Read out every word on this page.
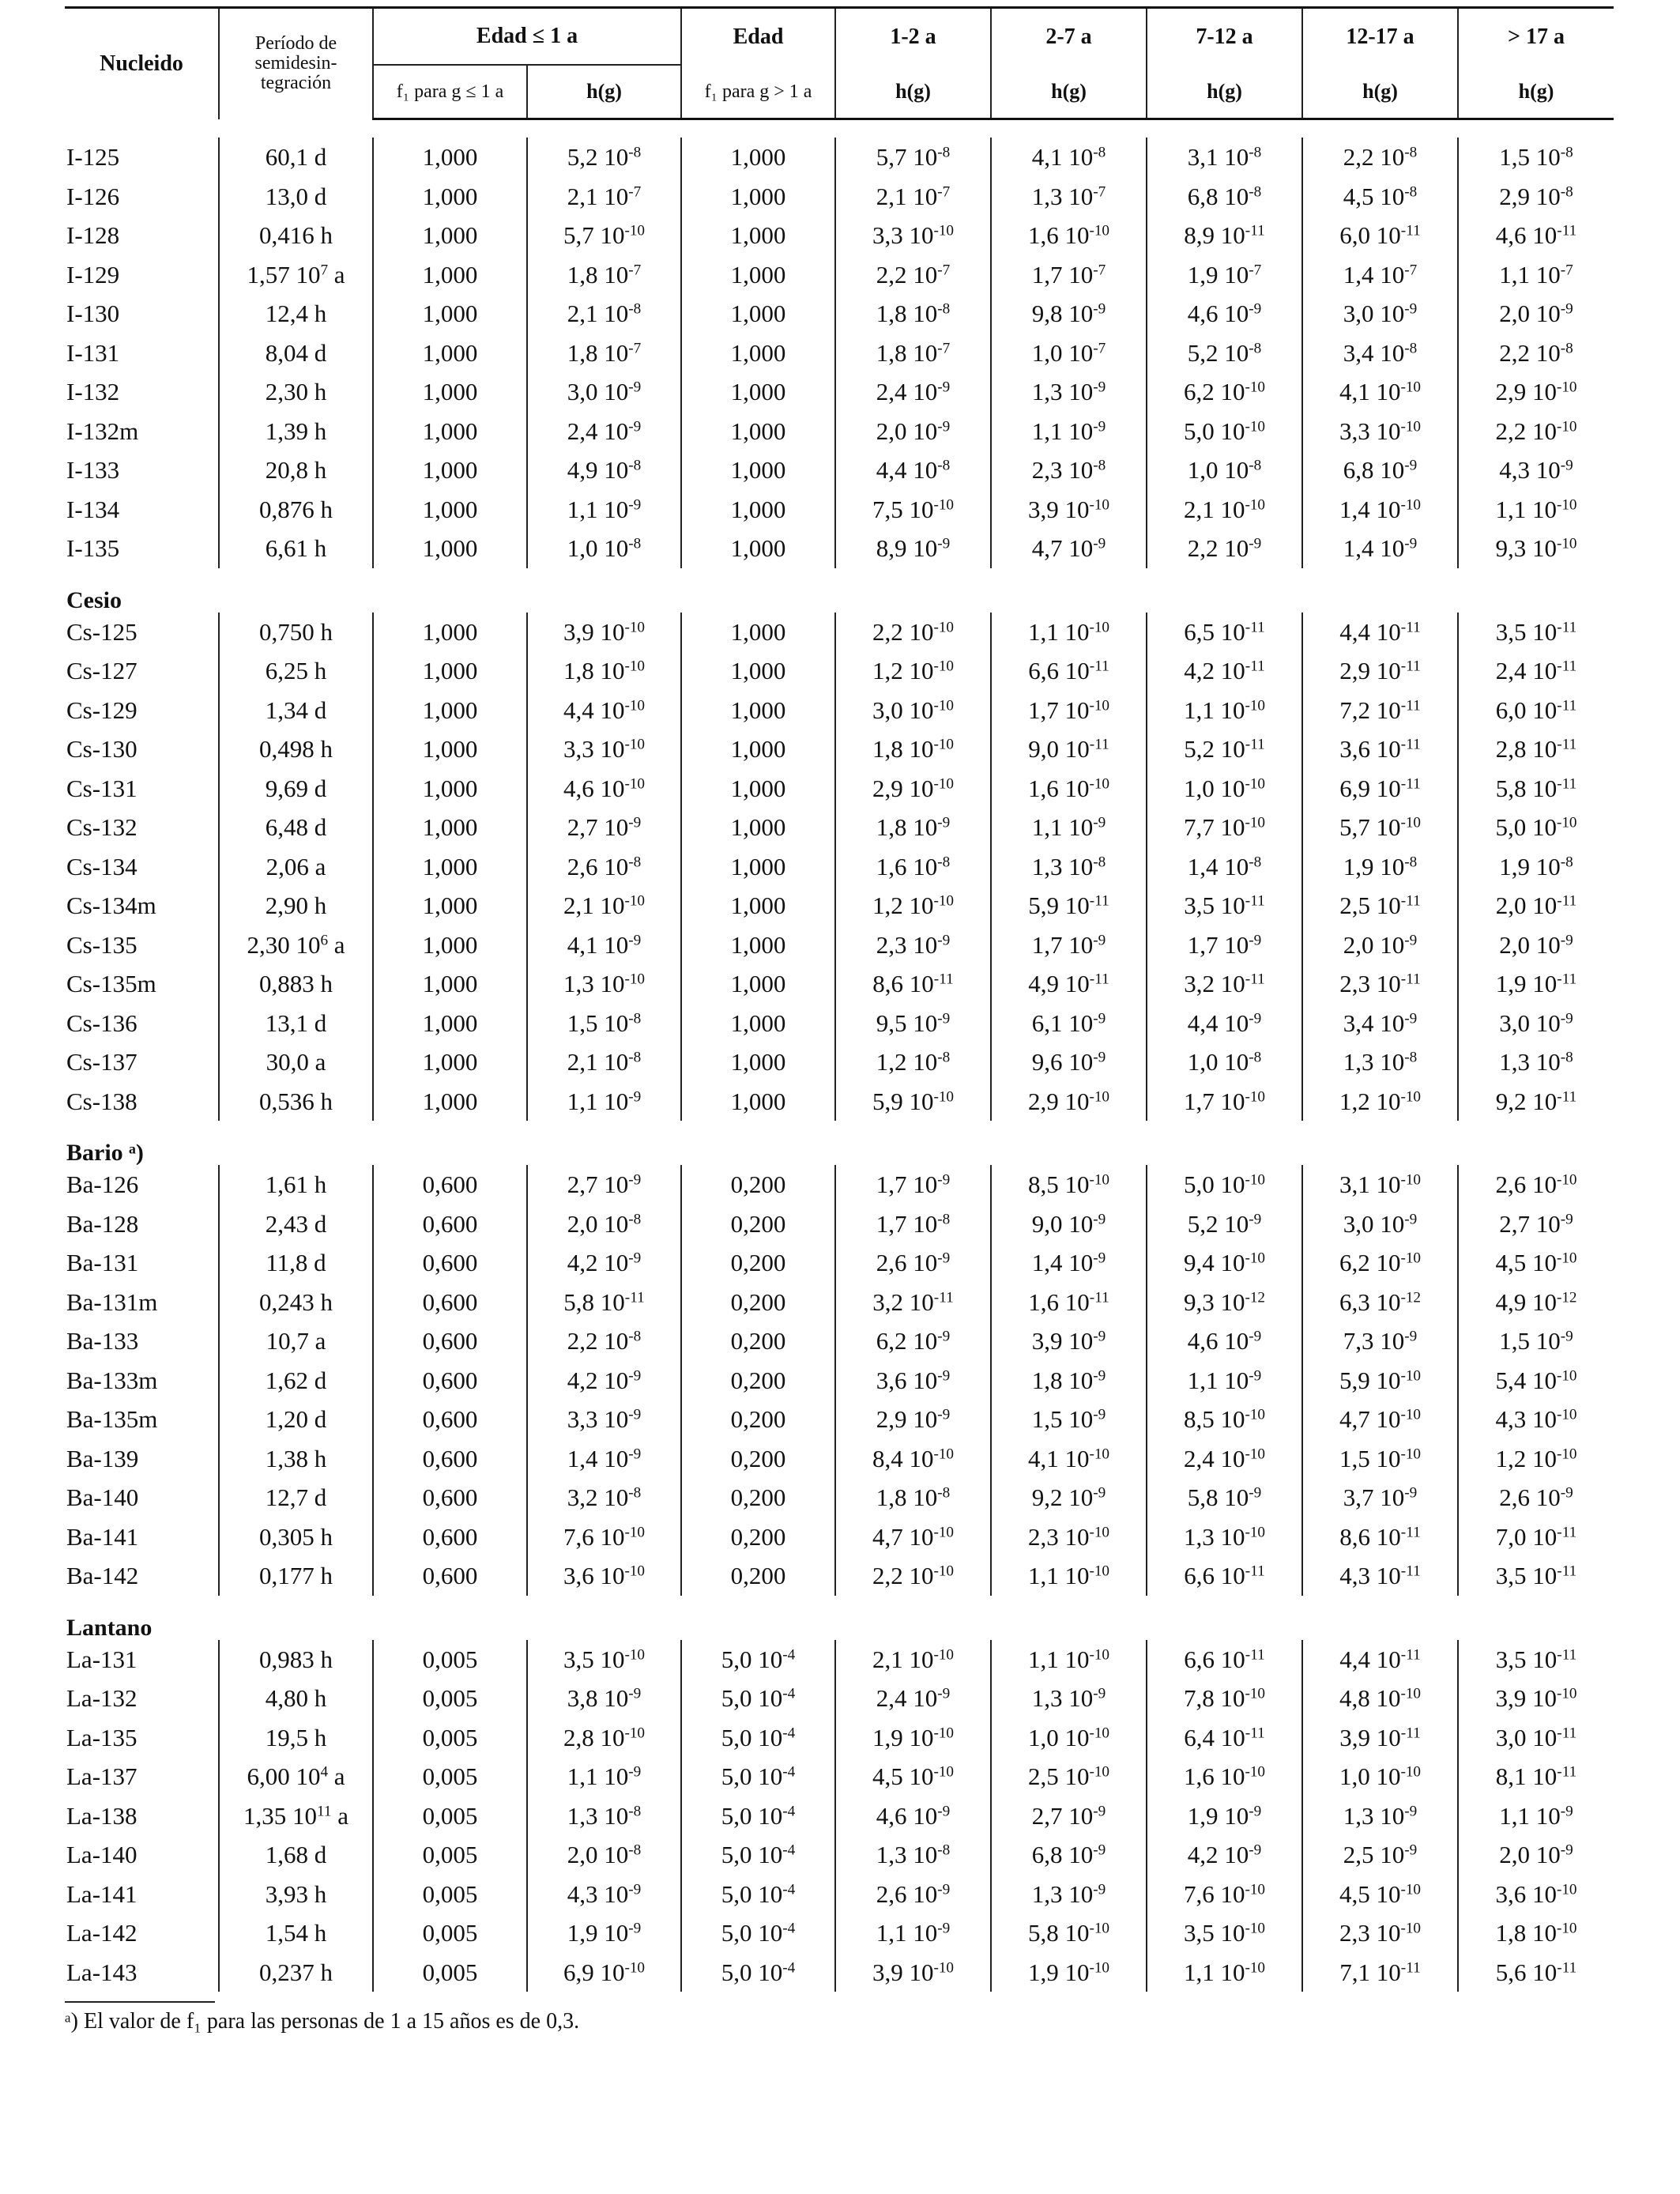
Nucleido	Período de
semidesin-
tegración	Edad ≤ 1 a		Edad	1-2 a	2-7 a	7-12 a	12-17 a	> 17 a
		f₁ para g ≤ 1 a	h(g)	f₁ para g > 1 a	h(g)	h(g)	h(g)	h(g)	h(g)

I-125	60,1 d	1,000	5,2 $10^{-8}$	1,000	5,7 $10^{-8}$	4,1 $10^{-8}$	3,1 $10^{-8}$	2,2 $10^{-8}$	1,5 $10^{-8}$
I-126	13,0 d	1,000	2,1 $10^{-7}$	1,000	2,1 $10^{-7}$	1,3 $10^{-7}$	6,8 $10^{-8}$	4,5 $10^{-8}$	2,9 $10^{-8}$
I-128	0,416 h	1,000	5,7 $10^{-10}$	1,000	3,3 $10^{-10}$	1,6 $10^{-10}$	8,9 $10^{-11}$	6,0 $10^{-11}$	4,6 $10^{-11}$
I-129	1,57 $10^7$ a	1,000	1,8 $10^{-7}$	1,000	2,2 $10^{-7}$	1,7 $10^{-7}$	1,9 $10^{-7}$	1,4 $10^{-7}$	1,1 $10^{-7}$
I-130	12,4 h	1,000	2,1 $10^{-8}$	1,000	1,8 $10^{-8}$	9,8 $10^{-9}$	4,6 $10^{-9}$	3,0 $10^{-9}$	2,0 $10^{-9}$
I-131	8,04 d	1,000	1,8 $10^{-7}$	1,000	1,8 $10^{-7}$	1,0 $10^{-7}$	5,2 $10^{-8}$	3,4 $10^{-8}$	2,2 $10^{-8}$
I-132	2,30 h	1,000	3,0 $10^{-9}$	1,000	2,4 $10^{-9}$	1,3 $10^{-9}$	6,2 $10^{-10}$	4,1 $10^{-10}$	2,9 $10^{-10}$
I-132m	1,39 h	1,000	2,4 $10^{-9}$	1,000	2,0 $10^{-9}$	1,1 $10^{-9}$	5,0 $10^{-10}$	3,3 $10^{-10}$	2,2 $10^{-10}$
I-133	20,8 h	1,000	4,9 $10^{-8}$	1,000	4,4 $10^{-8}$	2,3 $10^{-8}$	1,0 $10^{-8}$	6,8 $10^{-9}$	4,3 $10^{-9}$
I-134	0,876 h	1,000	1,1 $10^{-9}$	1,000	7,5 $10^{-10}$	3,9 $10^{-10}$	2,1 $10^{-10}$	1,4 $10^{-10}$	1,1 $10^{-10}$
I-135	6,61 h	1,000	1,0 $10^{-8}$	1,000	8,9 $10^{-9}$	4,7 $10^{-9}$	2,2 $10^{-9}$	1,4 $10^{-9}$	9,3 $10^{-10}$
Cesio									
Cs-125	0,750 h	1,000	3,9 $10^{-10}$	1,000	2,2 $10^{-10}$	1,1 $10^{-10}$	6,5 $10^{-11}$	4,4 $10^{-11}$	3,5 $10^{-11}$
Cs-127	6,25 h	1,000	1,8 $10^{-10}$	1,000	1,2 $10^{-10}$	6,6 $10^{-11}$	4,2 $10^{-11}$	2,9 $10^{-11}$	2,4 $10^{-11}$
Cs-129	1,34 d	1,000	4,4 $10^{-10}$	1,000	3,0 $10^{-10}$	1,7 $10^{-10}$	1,1 $10^{-10}$	7,2 $10^{-11}$	6,0 $10^{-11}$
Cs-130	0,498 h	1,000	3,3 $10^{-10}$	1,000	1,8 $10^{-10}$	9,0 $10^{-11}$	5,2 $10^{-11}$	3,6 $10^{-11}$	2,8 $10^{-11}$
Cs-131	9,69 d	1,000	4,6 $10^{-10}$	1,000	2,9 $10^{-10}$	1,6 $10^{-10}$	1,0 $10^{-10}$	6,9 $10^{-11}$	5,8 $10^{-11}$
Cs-132	6,48 d	1,000	2,7 $10^{-9}$	1,000	1,8 $10^{-9}$	1,1 $10^{-9}$	7,7 $10^{-10}$	5,7 $10^{-10}$	5,0 $10^{-10}$
Cs-134	2,06 a	1,000	2,6 $10^{-8}$	1,000	1,6 $10^{-8}$	1,3 $10^{-8}$	1,4 $10^{-8}$	1,9 $10^{-8}$	1,9 $10^{-8}$
Cs-134m	2,90 h	1,000	2,1 $10^{-10}$	1,000	1,2 $10^{-10}$	5,9 $10^{-11}$	3,5 $10^{-11}$	2,5 $10^{-11}$	2,0 $10^{-11}$
Cs-135	2,30 $10^6$ a	1,000	4,1 $10^{-9}$	1,000	2,3 $10^{-9}$	1,7 $10^{-9}$	1,7 $10^{-9}$	2,0 $10^{-9}$	2,0 $10^{-9}$
Cs-135m	0,883 h	1,000	1,3 $10^{-10}$	1,000	8,6 $10^{-11}$	4,9 $10^{-11}$	3,2 $10^{-11}$	2,3 $10^{-11}$	1,9 $10^{-11}$
Cs-136	13,1 d	1,000	1,5 $10^{-8}$	1,000	9,5 $10^{-9}$	6,1 $10^{-9}$	4,4 $10^{-9}$	3,4 $10^{-9}$	3,0 $10^{-9}$
Cs-137	30,0 a	1,000	2,1 $10^{-8}$	1,000	1,2 $10^{-8}$	9,6 $10^{-9}$	1,0 $10^{-8}$	1,3 $10^{-8}$	1,3 $10^{-8}$
Cs-138	0,536 h	1,000	1,1 $10^{-9}$	1,000	5,9 $10^{-10}$	2,9 $10^{-10}$	1,7 $10^{-10}$	1,2 $10^{-10}$	9,2 $10^{-11}$
Bario ᵃ)									
Ba-126	1,61 h	0,600	2,7 $10^{-9}$	0,200	1,7 $10^{-9}$	8,5 $10^{-10}$	5,0 $10^{-10}$	3,1 $10^{-10}$	2,6 $10^{-10}$
Ba-128	2,43 d	0,600	2,0 $10^{-8}$	0,200	1,7 $10^{-8}$	9,0 $10^{-9}$	5,2 $10^{-9}$	3,0 $10^{-9}$	2,7 $10^{-9}$
Ba-131	11,8 d	0,600	4,2 $10^{-9}$	0,200	2,6 $10^{-9}$	1,4 $10^{-9}$	9,4 $10^{-10}$	6,2 $10^{-10}$	4,5 $10^{-10}$
Ba-131m	0,243 h	0,600	5,8 $10^{-11}$	0,200	3,2 $10^{-11}$	1,6 $10^{-11}$	9,3 $10^{-12}$	6,3 $10^{-12}$	4,9 $10^{-12}$
Ba-133	10,7 a	0,600	2,2 $10^{-8}$	0,200	6,2 $10^{-9}$	3,9 $10^{-9}$	4,6 $10^{-9}$	7,3 $10^{-9}$	1,5 $10^{-9}$
Ba-133m	1,62 d	0,600	4,2 $10^{-9}$	0,200	3,6 $10^{-9}$	1,8 $10^{-9}$	1,1 $10^{-9}$	5,9 $10^{-10}$	5,4 $10^{-10}$
Ba-135m	1,20 d	0,600	3,3 $10^{-9}$	0,200	2,9 $10^{-9}$	1,5 $10^{-9}$	8,5 $10^{-10}$	4,7 $10^{-10}$	4,3 $10^{-10}$
Ba-139	1,38 h	0,600	1,4 $10^{-9}$	0,200	8,4 $10^{-10}$	4,1 $10^{-10}$	2,4 $10^{-10}$	1,5 $10^{-10}$	1,2 $10^{-10}$
Ba-140	12,7 d	0,600	3,2 $10^{-8}$	0,200	1,8 $10^{-8}$	9,2 $10^{-9}$	5,8 $10^{-9}$	3,7 $10^{-9}$	2,6 $10^{-9}$
Ba-141	0,305 h	0,600	7,6 $10^{-10}$	0,200	4,7 $10^{-10}$	2,3 $10^{-10}$	1,3 $10^{-10}$	8,6 $10^{-11}$	7,0 $10^{-11}$
Ba-142	0,177 h	0,600	3,6 $10^{-10}$	0,200	2,2 $10^{-10}$	1,1 $10^{-10}$	6,6 $10^{-11}$	4,3 $10^{-11}$	3,5 $10^{-11}$
Lantano									
La-131	0,983 h	0,005	3,5 $10^{-10}$	5,0 $10^{-4}$	2,1 $10^{-10}$	1,1 $10^{-10}$	6,6 $10^{-11}$	4,4 $10^{-11}$	3,5 $10^{-11}$
La-132	4,80 h	0,005	3,8 $10^{-9}$	5,0 $10^{-4}$	2,4 $10^{-9}$	1,3 $10^{-9}$	7,8 $10^{-10}$	4,8 $10^{-10}$	3,9 $10^{-10}$
La-135	19,5 h	0,005	2,8 $10^{-10}$	5,0 $10^{-4}$	1,9 $10^{-10}$	1,0 $10^{-10}$	6,4 $10^{-11}$	3,9 $10^{-11}$	3,0 $10^{-11}$
La-137	6,00 $10^4$ a	0,005	1,1 $10^{-9}$	5,0 $10^{-4}$	4,5 $10^{-10}$	2,5 $10^{-10}$	1,6 $10^{-10}$	1,0 $10^{-10}$	8,1 $10^{-11}$
La-138	1,35 $10^{11}$ a	0,005	1,3 $10^{-8}$	5,0 $10^{-4}$	4,6 $10^{-9}$	2,7 $10^{-9}$	1,9 $10^{-9}$	1,3 $10^{-9}$	1,1 $10^{-9}$
La-140	1,68 d	0,005	2,0 $10^{-8}$	5,0 $10^{-4}$	1,3 $10^{-8}$	6,8 $10^{-9}$	4,2 $10^{-9}$	2,5 $10^{-9}$	2,0 $10^{-9}$
La-141	3,93 h	0,005	4,3 $10^{-9}$	5,0 $10^{-4}$	2,6 $10^{-9}$	1,3 $10^{-9}$	7,6 $10^{-10}$	4,5 $10^{-10}$	3,6 $10^{-10}$
La-142	1,54 h	0,005	1,9 $10^{-9}$	5,0 $10^{-4}$	1,1 $10^{-9}$	5,8 $10^{-10}$	3,5 $10^{-10}$	2,3 $10^{-10}$	1,8 $10^{-10}$
La-143	0,237 h	0,005	6,9 $10^{-10}$	5,0 $10^{-4}$	3,9 $10^{-10}$	1,9 $10^{-10}$	1,1 $10^{-10}$	7,1 $10^{-11}$	5,6 $10^{-11}$
ᵃ) El valor de f₁ para las personas de 1 a 15 años es de 0,3.
